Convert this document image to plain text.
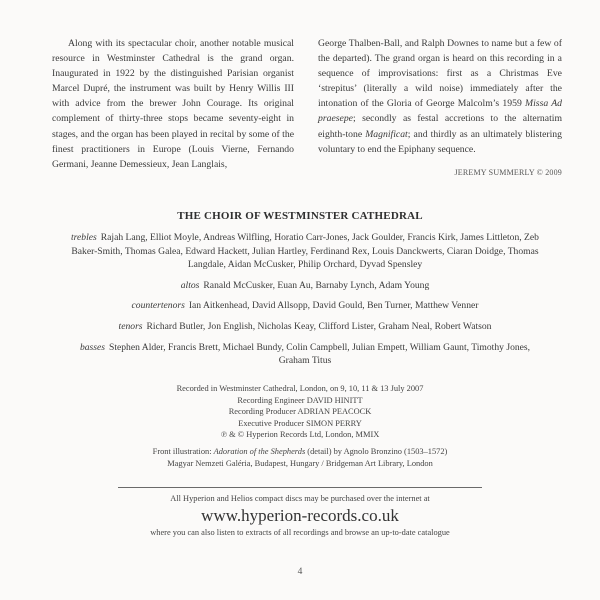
Along with its spectacular choir, another notable musical resource in Westminster Cathedral is the grand organ. Inaugurated in 1922 by the distinguished Parisian organist Marcel Dupré, the instrument was built by Henry Willis III with advice from the brewer John Courage. Its original complement of thirty-three stops became seventy-eight in stages, and the organ has been played in recital by some of the finest practitioners in Europe (Louis Vierne, Fernando Germani, Jeanne Demessieux, Jean Langlais,
George Thalben-Ball, and Ralph Downes to name but a few of the departed). The grand organ is heard on this recording in a sequence of improvisations: first as a Christmas Eve ‘strepitus’ (literally a wild noise) immediately after the intonation of the Gloria of George Malcolm’s 1959 Missa Ad praesepe; secondly as festal accretions to the alternatim eighth-tone Magnificat; and thirdly as an ultimately blistering voluntary to end the Epiphany sequence.
JEREMY SUMMERLY © 2009
THE CHOIR OF WESTMINSTER CATHEDRAL
trebles Rajah Lang, Elliot Moyle, Andreas Wilfling, Horatio Carr-Jones, Jack Goulder, Francis Kirk, James Littleton, Zeb Baker-Smith, Thomas Galea, Edward Hackett, Julian Hartley, Ferdinand Rex, Louis Danckwerts, Ciaran Doidge, Thomas Langdale, Aidan McCusker, Philip Orchard, Dyvad Spensley
altos Ranald McCusker, Euan Au, Barnaby Lynch, Adam Young
countertenors Ian Aitkenhead, David Allsopp, David Gould, Ben Turner, Matthew Venner
tenors Richard Butler, Jon English, Nicholas Keay, Clifford Lister, Graham Neal, Robert Watson
basses Stephen Alder, Francis Brett, Michael Bundy, Colin Campbell, Julian Empett, William Gaunt, Timothy Jones, Graham Titus
Recorded in Westminster Cathedral, London, on 9, 10, 11 & 13 July 2007
Recording Engineer DAVID HINITT
Recording Producer ADRIAN PEACOCK
Executive Producer SIMON PERRY
℗ & © Hyperion Records Ltd, London, MMIX
Front illustration: Adoration of the Shepherds (detail) by Agnolo Bronzino (1503–1572)
Magyar Nemzeti Galéria, Budapest, Hungary / Bridgeman Art Library, London
All Hyperion and Helios compact discs may be purchased over the internet at
www.hyperion-records.co.uk
where you can also listen to extracts of all recordings and browse an up-to-date catalogue
4
